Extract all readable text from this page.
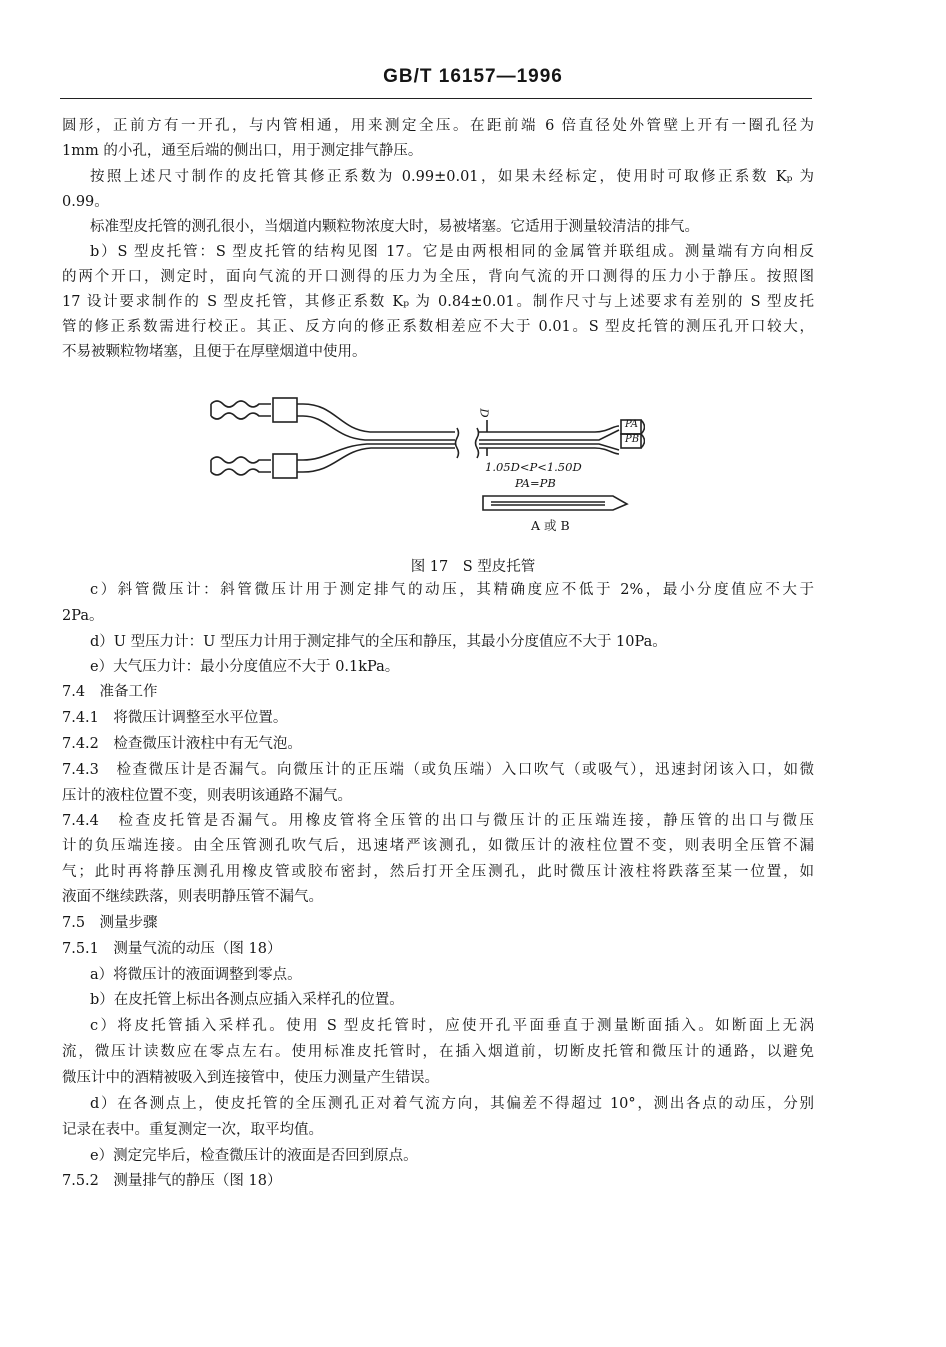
GB/T 16157—1996
圆形，正前方有一开孔，与内管相通，用来测定全压。在距前端 6 倍直径处外管壁上开有一圈孔径为
1mm 的小孔，通至后端的侧出口，用于测定排气静压。
按照上述尺寸制作的皮托管其修正系数为 0.99±0.01，如果未经标定，使用时可取修正系数 Kₚ 为
0.99。
标准型皮托管的测孔很小，当烟道内颗粒物浓度大时，易被堵塞。它适用于测量较清洁的排气。
b）S 型皮托管：S 型皮托管的结构见图 17。它是由两根相同的金属管并联组成。测量端有方向相反
的两个开口，测定时，面向气流的开口测得的压力为全压，背向气流的开口测得的压力小于静压。按照图
17 设计要求制作的 S 型皮托管，其修正系数 Kₚ 为 0.84±0.01。制作尺寸与上述要求有差别的 S 型皮托
管的修正系数需进行校正。其正、反方向的修正系数相差应不大于 0.01。S 型皮托管的测压孔开口较大，
不易被颗粒物堵塞，且便于在厚壁烟道中使用。
D
PA
PB
1.05D<P<1.50D
PA=PB
A 或 B
图 17　S 型皮托管
c）斜管微压计：斜管微压计用于测定排气的动压，其精确度应不低于 2%，最小分度值应不大于
2Pa。
d）U 型压力计：U 型压力计用于测定排气的全压和静压，其最小分度值应不大于 10Pa。
e）大气压力计：最小分度值应不大于 0.1kPa。
7.4　准备工作
7.4.1　将微压计调整至水平位置。
7.4.2　检查微压计液柱中有无气泡。
7.4.3　检查微压计是否漏气。向微压计的正压端（或负压端）入口吹气（或吸气），迅速封闭该入口，如微
压计的液柱位置不变，则表明该通路不漏气。
7.4.4　检查皮托管是否漏气。用橡皮管将全压管的出口与微压计的正压端连接，静压管的出口与微压
计的负压端连接。由全压管测孔吹气后，迅速堵严该测孔，如微压计的液柱位置不变，则表明全压管不漏
气；此时再将静压测孔用橡皮管或胶布密封，然后打开全压测孔，此时微压计液柱将跌落至某一位置，如
液面不继续跌落，则表明静压管不漏气。
7.5　测量步骤
7.5.1　测量气流的动压（图 18）
a）将微压计的液面调整到零点。
b）在皮托管上标出各测点应插入采样孔的位置。
c）将皮托管插入采样孔。使用 S 型皮托管时，应使开孔平面垂直于测量断面插入。如断面上无涡
流，微压计读数应在零点左右。使用标准皮托管时，在插入烟道前，切断皮托管和微压计的通路，以避免
微压计中的酒精被吸入到连接管中，使压力测量产生错误。
d）在各测点上，使皮托管的全压测孔正对着气流方向，其偏差不得超过 10°，测出各点的动压，分别
记录在表中。重复测定一次，取平均值。
e）测定完毕后，检查微压计的液面是否回到原点。
7.5.2　测量排气的静压（图 18）
